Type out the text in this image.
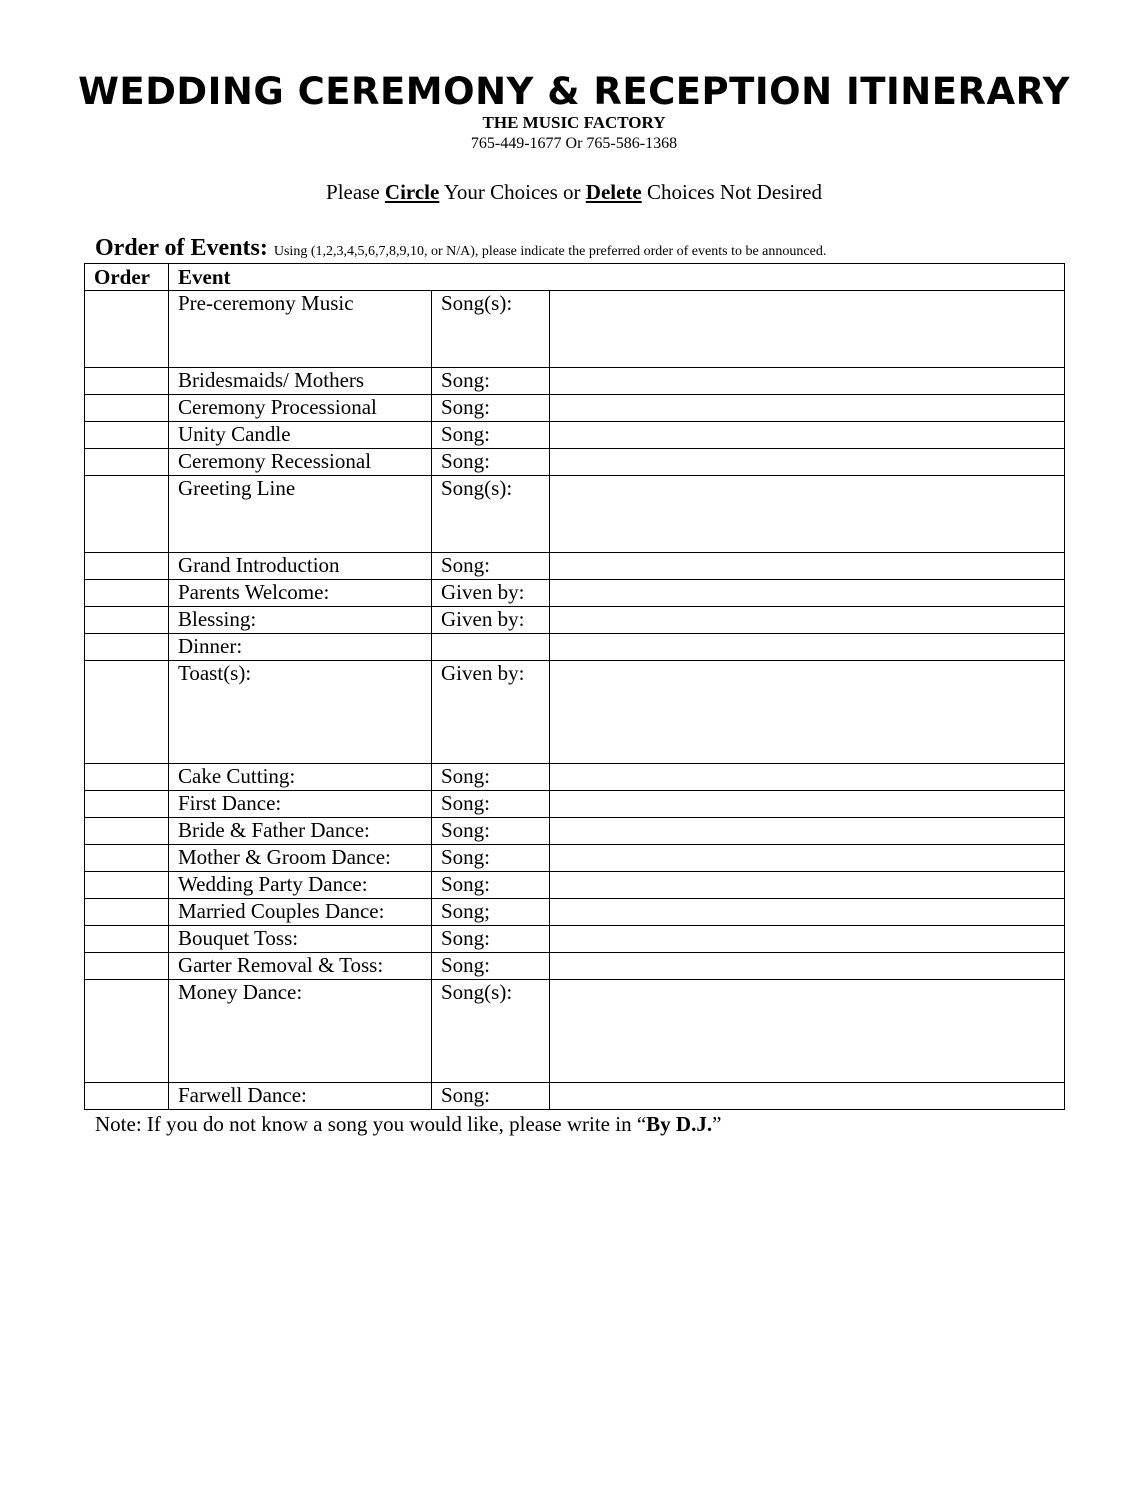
WEDDING CEREMONY & RECEPTION ITINERARY
THE MUSIC FACTORY
765-449-1677 Or 765-586-1368
Please Circle Your Choices or Delete Choices Not Desired
Order of Events: Using (1,2,3,4,5,6,7,8,9,10, or N/A), please indicate the preferred order of events to be announced.
Order	Event		
	Pre-ceremony Music	Song(s):	
	Bridesmaids/ Mothers	Song:	
	Ceremony Processional	Song:	
	Unity Candle	Song:	
	Ceremony Recessional	Song:	
	Greeting Line	Song(s):	
	Grand Introduction	Song:	
	Parents Welcome:	Given by:	
	Blessing:	Given by:	
	Dinner:		
	Toast(s):	Given by:	
	Cake Cutting:	Song:	
	First Dance:	Song:	
	Bride & Father Dance:	Song:	
	Mother & Groom Dance:	Song:	
	Wedding Party Dance:	Song:	
	Married Couples Dance:	Song;	
	Bouquet Toss:	Song:	
	Garter Removal & Toss:	Song:	
	Money Dance:	Song(s):	
	Farwell Dance:	Song:	
Note: If you do not know a song you would like, please write in “By D.J.”
